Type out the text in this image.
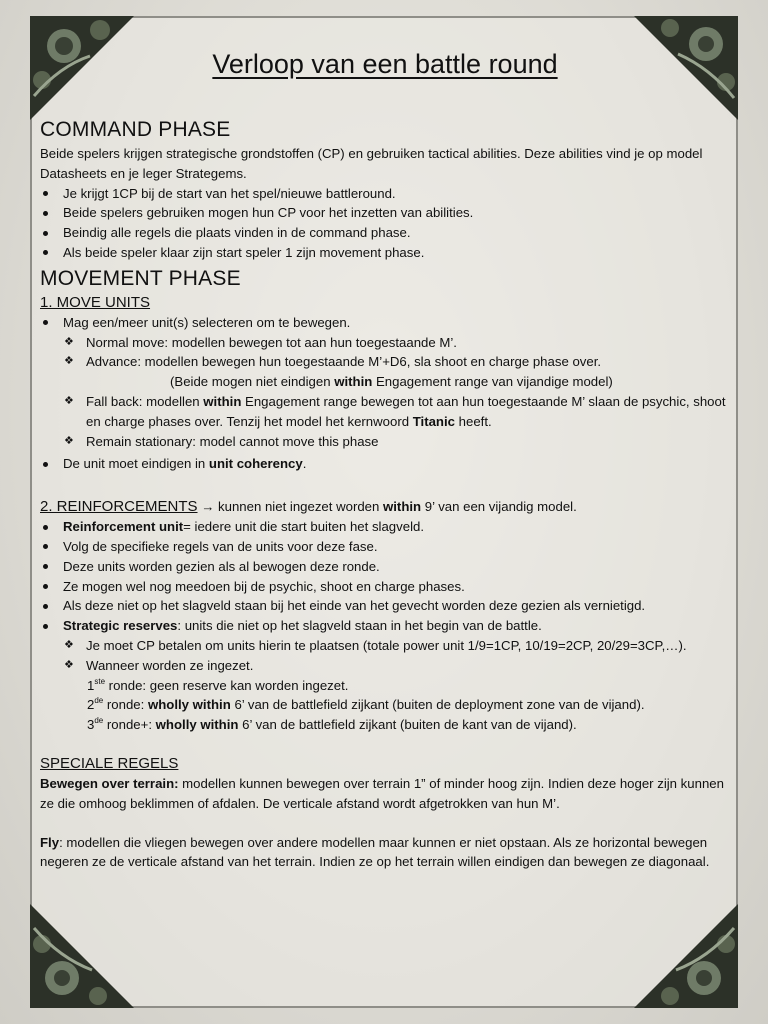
Verloop van een battle round
COMMAND PHASE

Beide spelers krijgen strategische grondstoffen (CP) en gebruiken tactical abilities. Deze abilities vind je op model Datasheets en je leger Strategems.

Je krijgt 1CP bij de start van het spel/nieuwe battleround.
Beide spelers gebruiken mogen hun CP voor het inzetten van abilities.
Beindig alle regels die plaats vinden in de command phase.
Als beide speler klaar zijn start speler 1 zijn movement phase.
MOVEMENT PHASE
1. MOVE UNITS
Mag een/meer unit(s) selecteren om te bewegen.
❖ Normal move: modellen bewegen tot aan hun toegestaande M’.
❖ Advance: modellen bewegen hun toegestaande M’+D6, sla shoot en charge phase over.
(Beide mogen niet eindigen within Engagement range van vijandige model)
❖ Fall back: modellen within Engagement range bewegen tot aan hun toegestaande M’ slaan de psychic, shoot en charge phases over. Tenzij het model het kernwoord Titanic heeft.
❖ Remain stationary: model cannot move this phase
De unit moet eindigen in unit coherency.

2. REINFORCEMENTS → kunnen niet ingezet worden within 9’ van een vijandig model.

Reinforcement unit= iedere unit die start buiten het slagveld.
Volg de specifieke regels van de units voor deze fase.
Deze units worden gezien als al bewogen deze ronde.
Ze mogen wel nog meedoen bij de psychic, shoot en charge phases.
Als deze niet op het slagveld staan bij het einde van het gevecht worden deze gezien als vernietigd.
Strategic reserves: units die niet op het slagveld staan in het begin van de battle.
❖ Je moet CP betalen om units hierin te plaatsen (totale power unit 1/9=1CP, 10/19=2CP, 20/29=3CP,…).
❖ Wanneer worden ze ingezet.
1ste ronde: geen reserve kan worden ingezet.
2de ronde: wholly within 6’ van de battlefield zijkant (buiten de deployment zone van de vijand).
3de ronde+: wholly within 6’ van de battlefield zijkant (buiten de kant van de vijand).
SPECIALE REGELS

Bewegen over terrain: modellen kunnen bewegen over terrain 1” of minder hoog zijn. Indien deze hoger zijn kunnen ze die omhoog beklimmen of afdalen. De verticale afstand wordt afgetrokken van hun M’.

Fly: modellen die vliegen bewegen over andere modellen maar kunnen er niet opstaan. Als ze horizontal bewegen negeren ze de verticale afstand van het terrain. Indien ze op het terrain willen eindigen dan bewegen ze diagonaal.
